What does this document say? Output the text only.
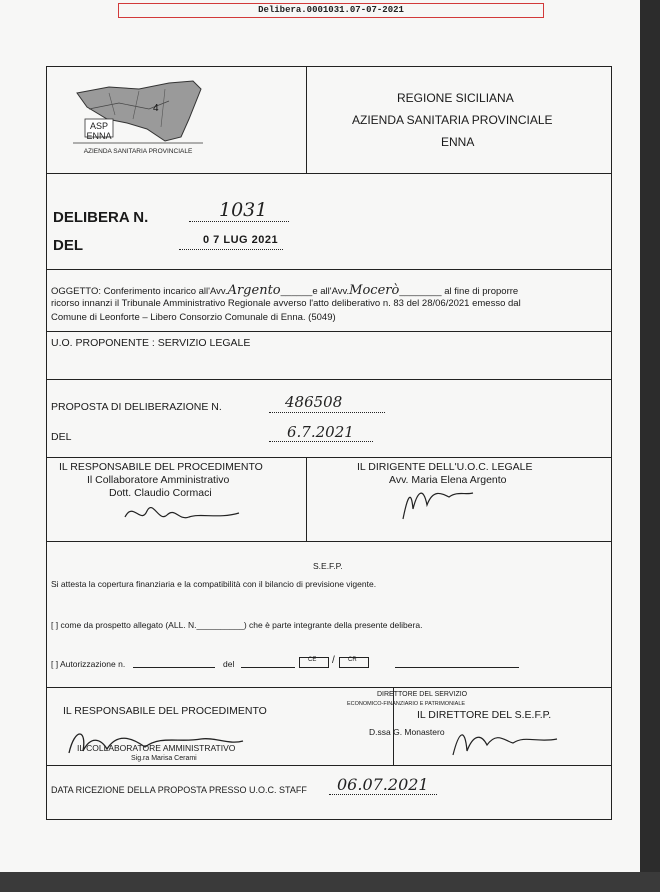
Delibera.0001031.07-07-2021
ASP
ENNA
4
AZIENDA SANITARIA PROVINCIALE
REGIONE SICILIANA
AZIENDA SANITARIA PROVINCIALE
ENNA
DELIBERA N.	1031
DEL	0 7 LUG 2021
OGGETTO: Conferimento incarico all'Avv.Argento______e all'Avv.Mocerò________ al fine di proporre
ricorso innanzi il Tribunale Amministrativo Regionale avverso l'atto deliberativo n. 83 del 28/06/2021 emesso dal
Comune di Leonforte – Libero Consorzio Comunale di Enna. (5049)
U.O. PROPONENTE : SERVIZIO LEGALE
PROPOSTA DI DELIBERAZIONE N.	486508
DEL	6.7.2021
IL RESPONSABILE DEL PROCEDIMENTO
Il Collaboratore Amministrativo
Dott. Claudio Cormaci
IL DIRIGENTE DELL'U.O.C. LEGALE
Avv. Maria Elena Argento
S.E.F.P.
Si attesta la copertura finanziaria e la compatibilità con il bilancio di previsione vigente.
[ ] come da prospetto allegato (ALL. N.__________) che è parte integrante della presente delibera.
[ ] Autorizzazione n.	del	CE / CR
IL RESPONSABILE DEL PROCEDIMENTO
IL COLLABORATORE AMMINISTRATIVO
Sig.ra Marisa Cerami
DIRETTORE DEL SERVIZIO
ECONOMICO-FINANZIARIO E PATRIMONIALE
IL DIRETTORE DEL S.E.F.P.
D.ssa G. Monastero
DATA RICEZIONE DELLA PROPOSTA PRESSO U.O.C. STAFF 06.07.2021
